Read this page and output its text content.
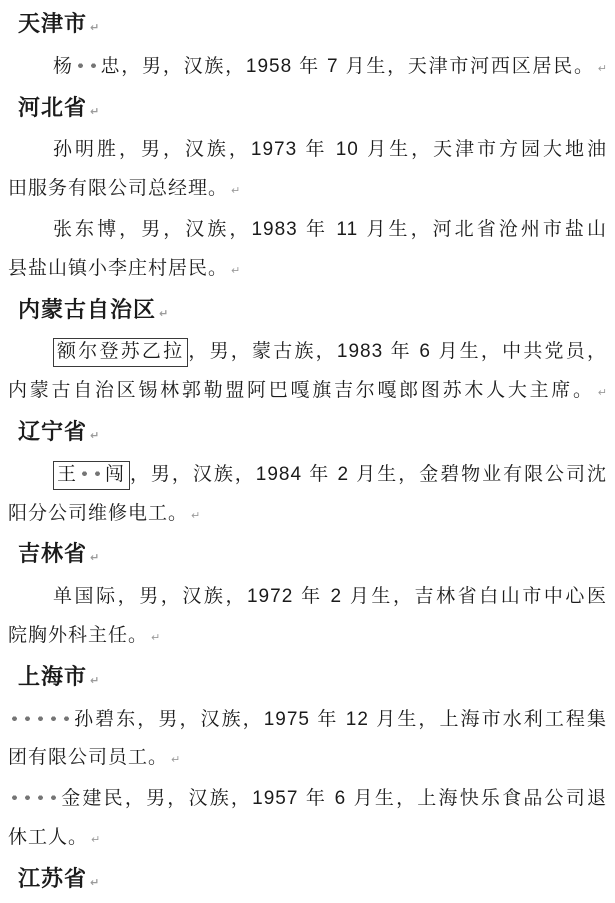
天津市 ↵
杨 忠，男，汉族，1958 年 7 月生，天津市河西区居民。 ↵
河北省 ↵
孙明胜，男，汉族，1973 年 10 月生，天津市方园大地油
田服务有限公司总经理。 ↵
张东博，男，汉族，1983 年 11 月生，河北省沧州市盐山
县盐山镇小李庄村居民。 ↵
内蒙古自治区 ↵
额尔登苏乙拉 ，男，蒙古族，1983 年 6 月生，中共党员，
内蒙古自治区锡林郭勒盟阿巴嘎旗吉尔嘎郎图苏木人大主席。 ↵
辽宁省 ↵
王 闯 ，男，汉族，1984 年 2 月生，金碧物业有限公司沈
阳分公司维修电工。 ↵
吉林省 ↵
单国际，男，汉族，1972 年 2 月生，吉林省白山市中心医
院胸外科主任。 ↵
上海市 ↵
孙碧东，男，汉族，1975 年 12 月生，上海市水利工程集
团有限公司员工。 ↵
金建民，男，汉族，1957 年 6 月生，上海快乐食品公司退
休工人。 ↵
江苏省 ↵
